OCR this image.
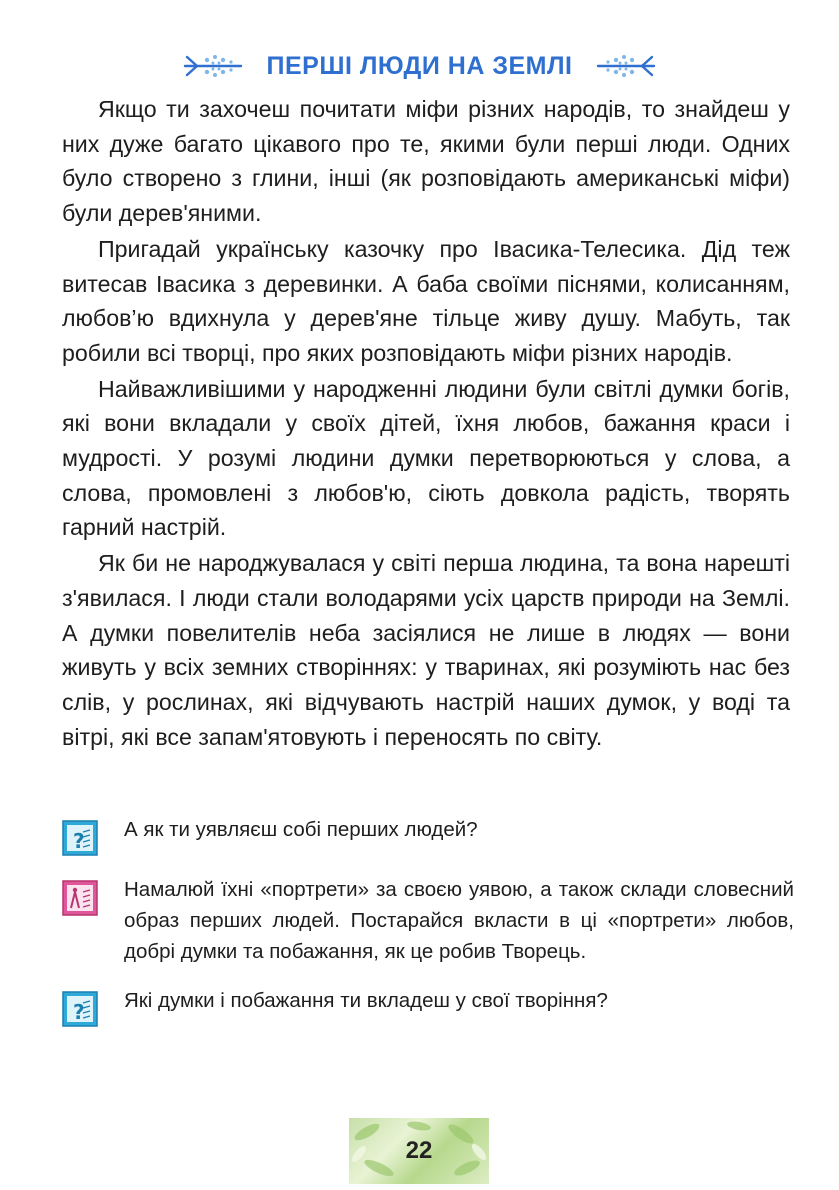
ПЕРШІ ЛЮДИ НА ЗЕМЛІ

Якщо ти захочеш почитати міфи різних народів, то знайдеш у них дуже багато цікавого про те, якими були перші люди. Одних було створено з глини, інші (як розповідають американські міфи) були дерев'яними.

Пригадай українську казочку про Івасика-Телесика. Дід теж витесав Івасика з деревинки. А баба своїми піснями, колисанням, любов’ю вдихнула у дерев'яне тільце живу душу. Мабуть, так робили всі творці, про яких розповідають міфи різних народів.

Найважливішими у народженні людини були світлі думки богів, які вони вкладали у своїх дітей, їхня любов, бажання краси і мудрості. У розумі людини думки перетворюються у слова, а слова, промовлені з любов'ю, сіють довкола радість, творять гарний настрій.

Як би не народжувалася у світі перша людина, та вона нарешті з'явилася. І люди стали володарями усіх царств природи на Землі. А думки повелителів неба засіялися не лише в людях — вони живуть у всіх земних створіннях: у тваринах, які розуміють нас без слів, у рослинах, які відчувають настрій наших думок, у воді та вітрі, які все запам'ятовують і переносять по світу.

? А як ти уявляєш собі перших людей?
Намалюй їхні «портрети» за своєю уявою, а також склади словесний образ перших людей. Постарайся вкласти в ці «портрети» любов, добрі думки та побажання, як це робив Творець.
? Які думки і побажання ти вкладеш у свої творіння?
22
